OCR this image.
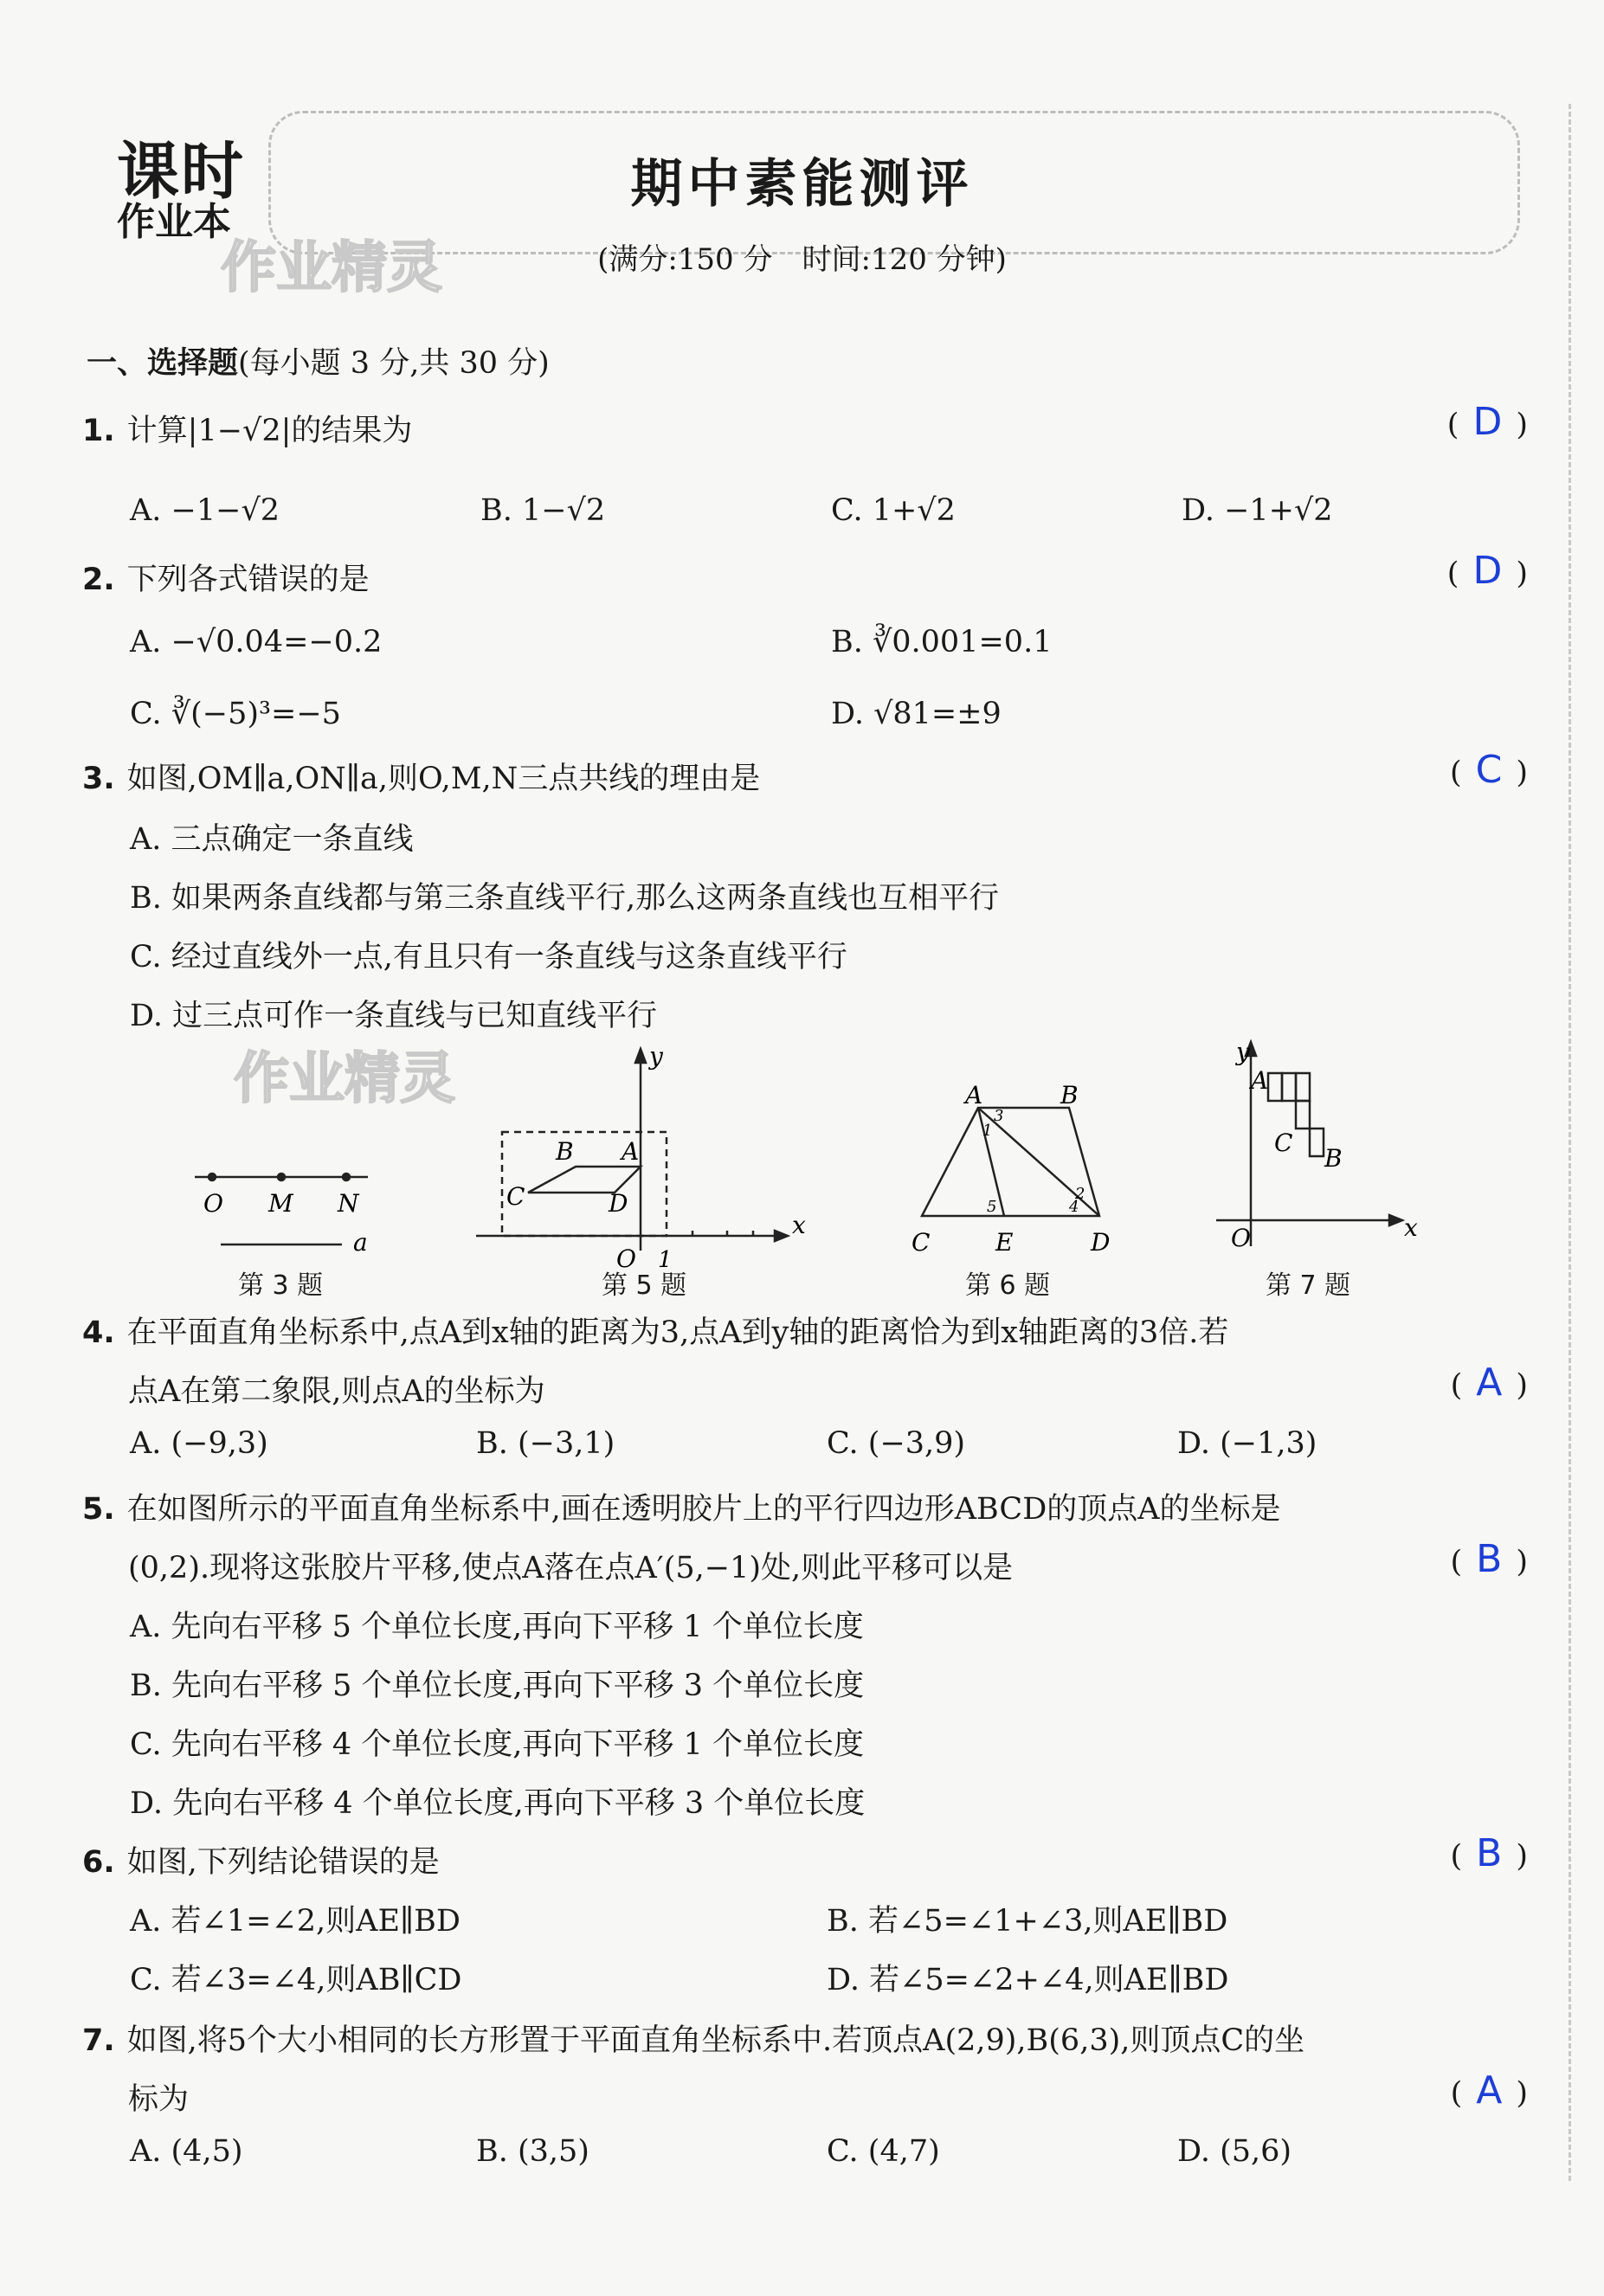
课时
作业本
作业精灵
期中素能测评
(满分:150 分　时间:120 分钟)
一、选择题(每小题 3 分,共 30 分)
1. 计算|1−√2|的结果为	( D )
A. −1−√2	B. 1−√2	C. 1+√2	D. −1+√2
2. 下列各式错误的是	( D )
A. −√0.04=−0.2	B. ∛0.001=0.1
C. ∛(−5)³=−5	D. √81=±9
3. 如图,OM∥a,ON∥a,则O,M,N三点共线的理由是	( C )
A. 三点确定一条直线
B. 如果两条直线都与第三条直线平行,那么这两条直线也互相平行
C. 经过直线外一点,有且只有一条直线与这条直线平行
D. 过三点可作一条直线与已知直线平行
作业精灵
O M N
a
y
B A
C	D
O 1
x
A	B
C	E	D
1
2
3
4
5
y
A
C
B
O	x
第 3 题	第 5 题	第 6 题	第 7 题
4. 在平面直角坐标系中,点A到x轴的距离为3,点A到y轴的距离恰为到x轴距离的3倍.若
点A在第二象限,则点A的坐标为	( A )
A. (−9,3)	B. (−3,1)	C. (−3,9)	D. (−1,3)
5. 在如图所示的平面直角坐标系中,画在透明胶片上的平行四边形ABCD的顶点A的坐标是
(0,2).现将这张胶片平移,使点A落在点A′(5,−1)处,则此平移可以是	( B )
A. 先向右平移 5 个单位长度,再向下平移 1 个单位长度
B. 先向右平移 5 个单位长度,再向下平移 3 个单位长度
C. 先向右平移 4 个单位长度,再向下平移 1 个单位长度
D. 先向右平移 4 个单位长度,再向下平移 3 个单位长度
6. 如图,下列结论错误的是	( B )
A. 若∠1=∠2,则AE∥BD	B. 若∠5=∠1+∠3,则AE∥BD
C. 若∠3=∠4,则AB∥CD	D. 若∠5=∠2+∠4,则AE∥BD
7. 如图,将5个大小相同的长方形置于平面直角坐标系中.若顶点A(2,9),B(6,3),则顶点C的坐
标为	( A )
A. (4,5)	B. (3,5)	C. (4,7)	D. (5,6)
